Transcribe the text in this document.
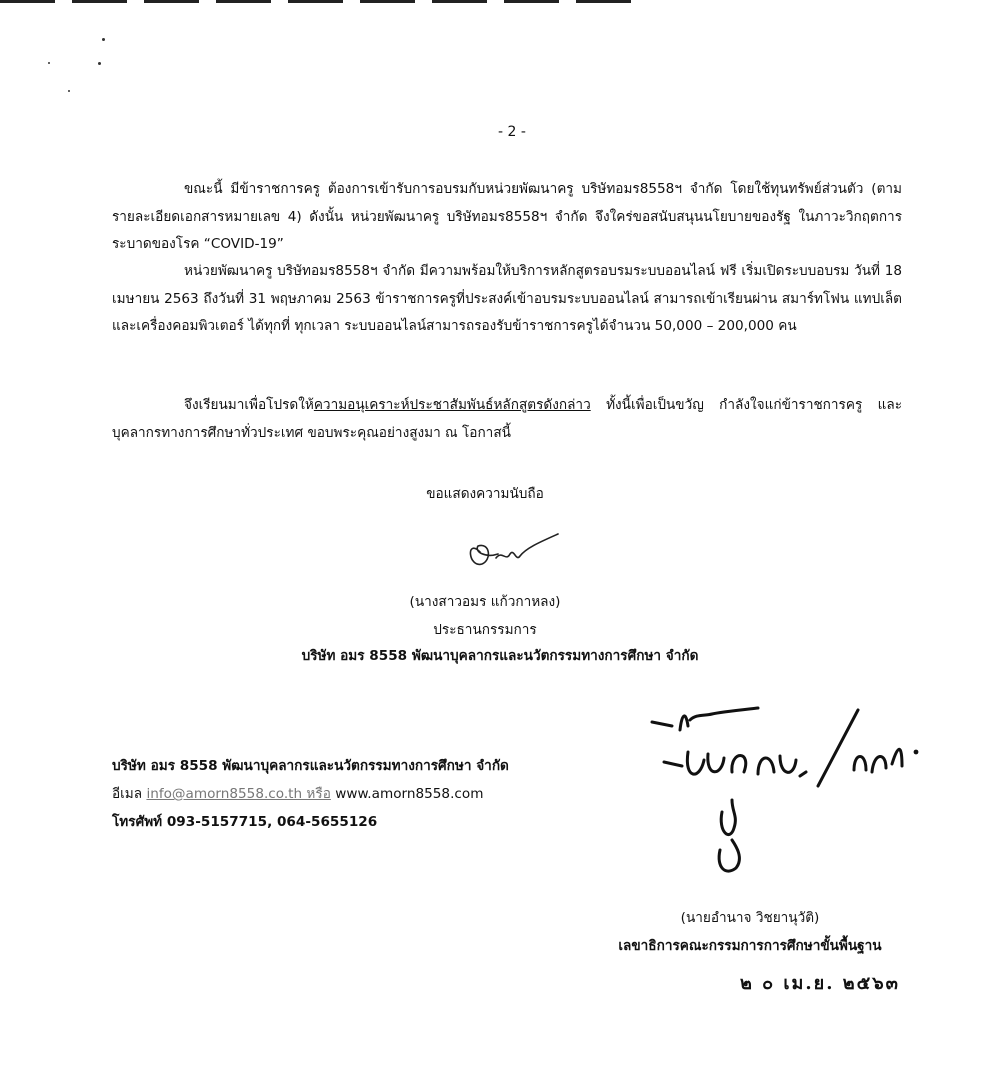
- 2 -
ขณะนี้ มีข้าราชการครู ต้องการเข้ารับการอบรมกับหน่วยพัฒนาครู บริษัทอมร8558ฯ จำกัด โดยใช้ทุนทรัพย์ส่วนตัว (ตามรายละเอียดเอกสารหมายเลข 4) ดังนั้น หน่วยพัฒนาครู บริษัทอมร8558ฯ จำกัด จึงใคร่ขอสนับสนุนนโยบายของรัฐ ในภาวะวิกฤตการระบาดของโรค “COVID-19”
หน่วยพัฒนาครู บริษัทอมร8558ฯ จำกัด มีความพร้อมให้บริการหลักสูตรอบรมระบบออนไลน์ ฟรี เริ่มเปิดระบบอบรม วันที่ 18 เมษายน 2563 ถึงวันที่ 31 พฤษภาคม 2563 ข้าราชการครูที่ประสงค์เข้าอบรมระบบออนไลน์ สามารถเข้าเรียนผ่าน สมาร์ทโฟน แทปเล็ต และเครื่องคอมพิวเตอร์ ได้ทุกที่ ทุกเวลา ระบบออนไลน์สามารถรองรับข้าราชการครูได้จำนวน 50,000 – 200,000 คน
จึงเรียนมาเพื่อโปรดให้ความอนุเคราะห์ประชาสัมพันธ์หลักสูตรดังกล่าว ทั้งนี้เพื่อเป็นขวัญ กำลังใจแก่ข้าราชการครู และบุคลากรทางการศึกษาทั่วประเทศ ขอบพระคุณอย่างสูงมา ณ โอกาสนี้
ขอแสดงความนับถือ
(นางสาวอมร แก้วกาหลง)
ประธานกรรมการ
บริษัท อมร 8558 พัฒนาบุคลากรและนวัตกรรมทางการศึกษา จำกัด
บริษัท อมร 8558 พัฒนาบุคลากรและนวัตกรรมทางการศึกษา จำกัด
อีเมล info@amorn8558.co.th หรือ www.amorn8558.com
โทรศัพท์ 093-5157715, 064-5655126
(นายอำนาจ วิชยานุวัติ)
เลขาธิการคณะกรรมการการศึกษาขั้นพื้นฐาน
๒ ๐ เม.ย. ๒๕๖๓
